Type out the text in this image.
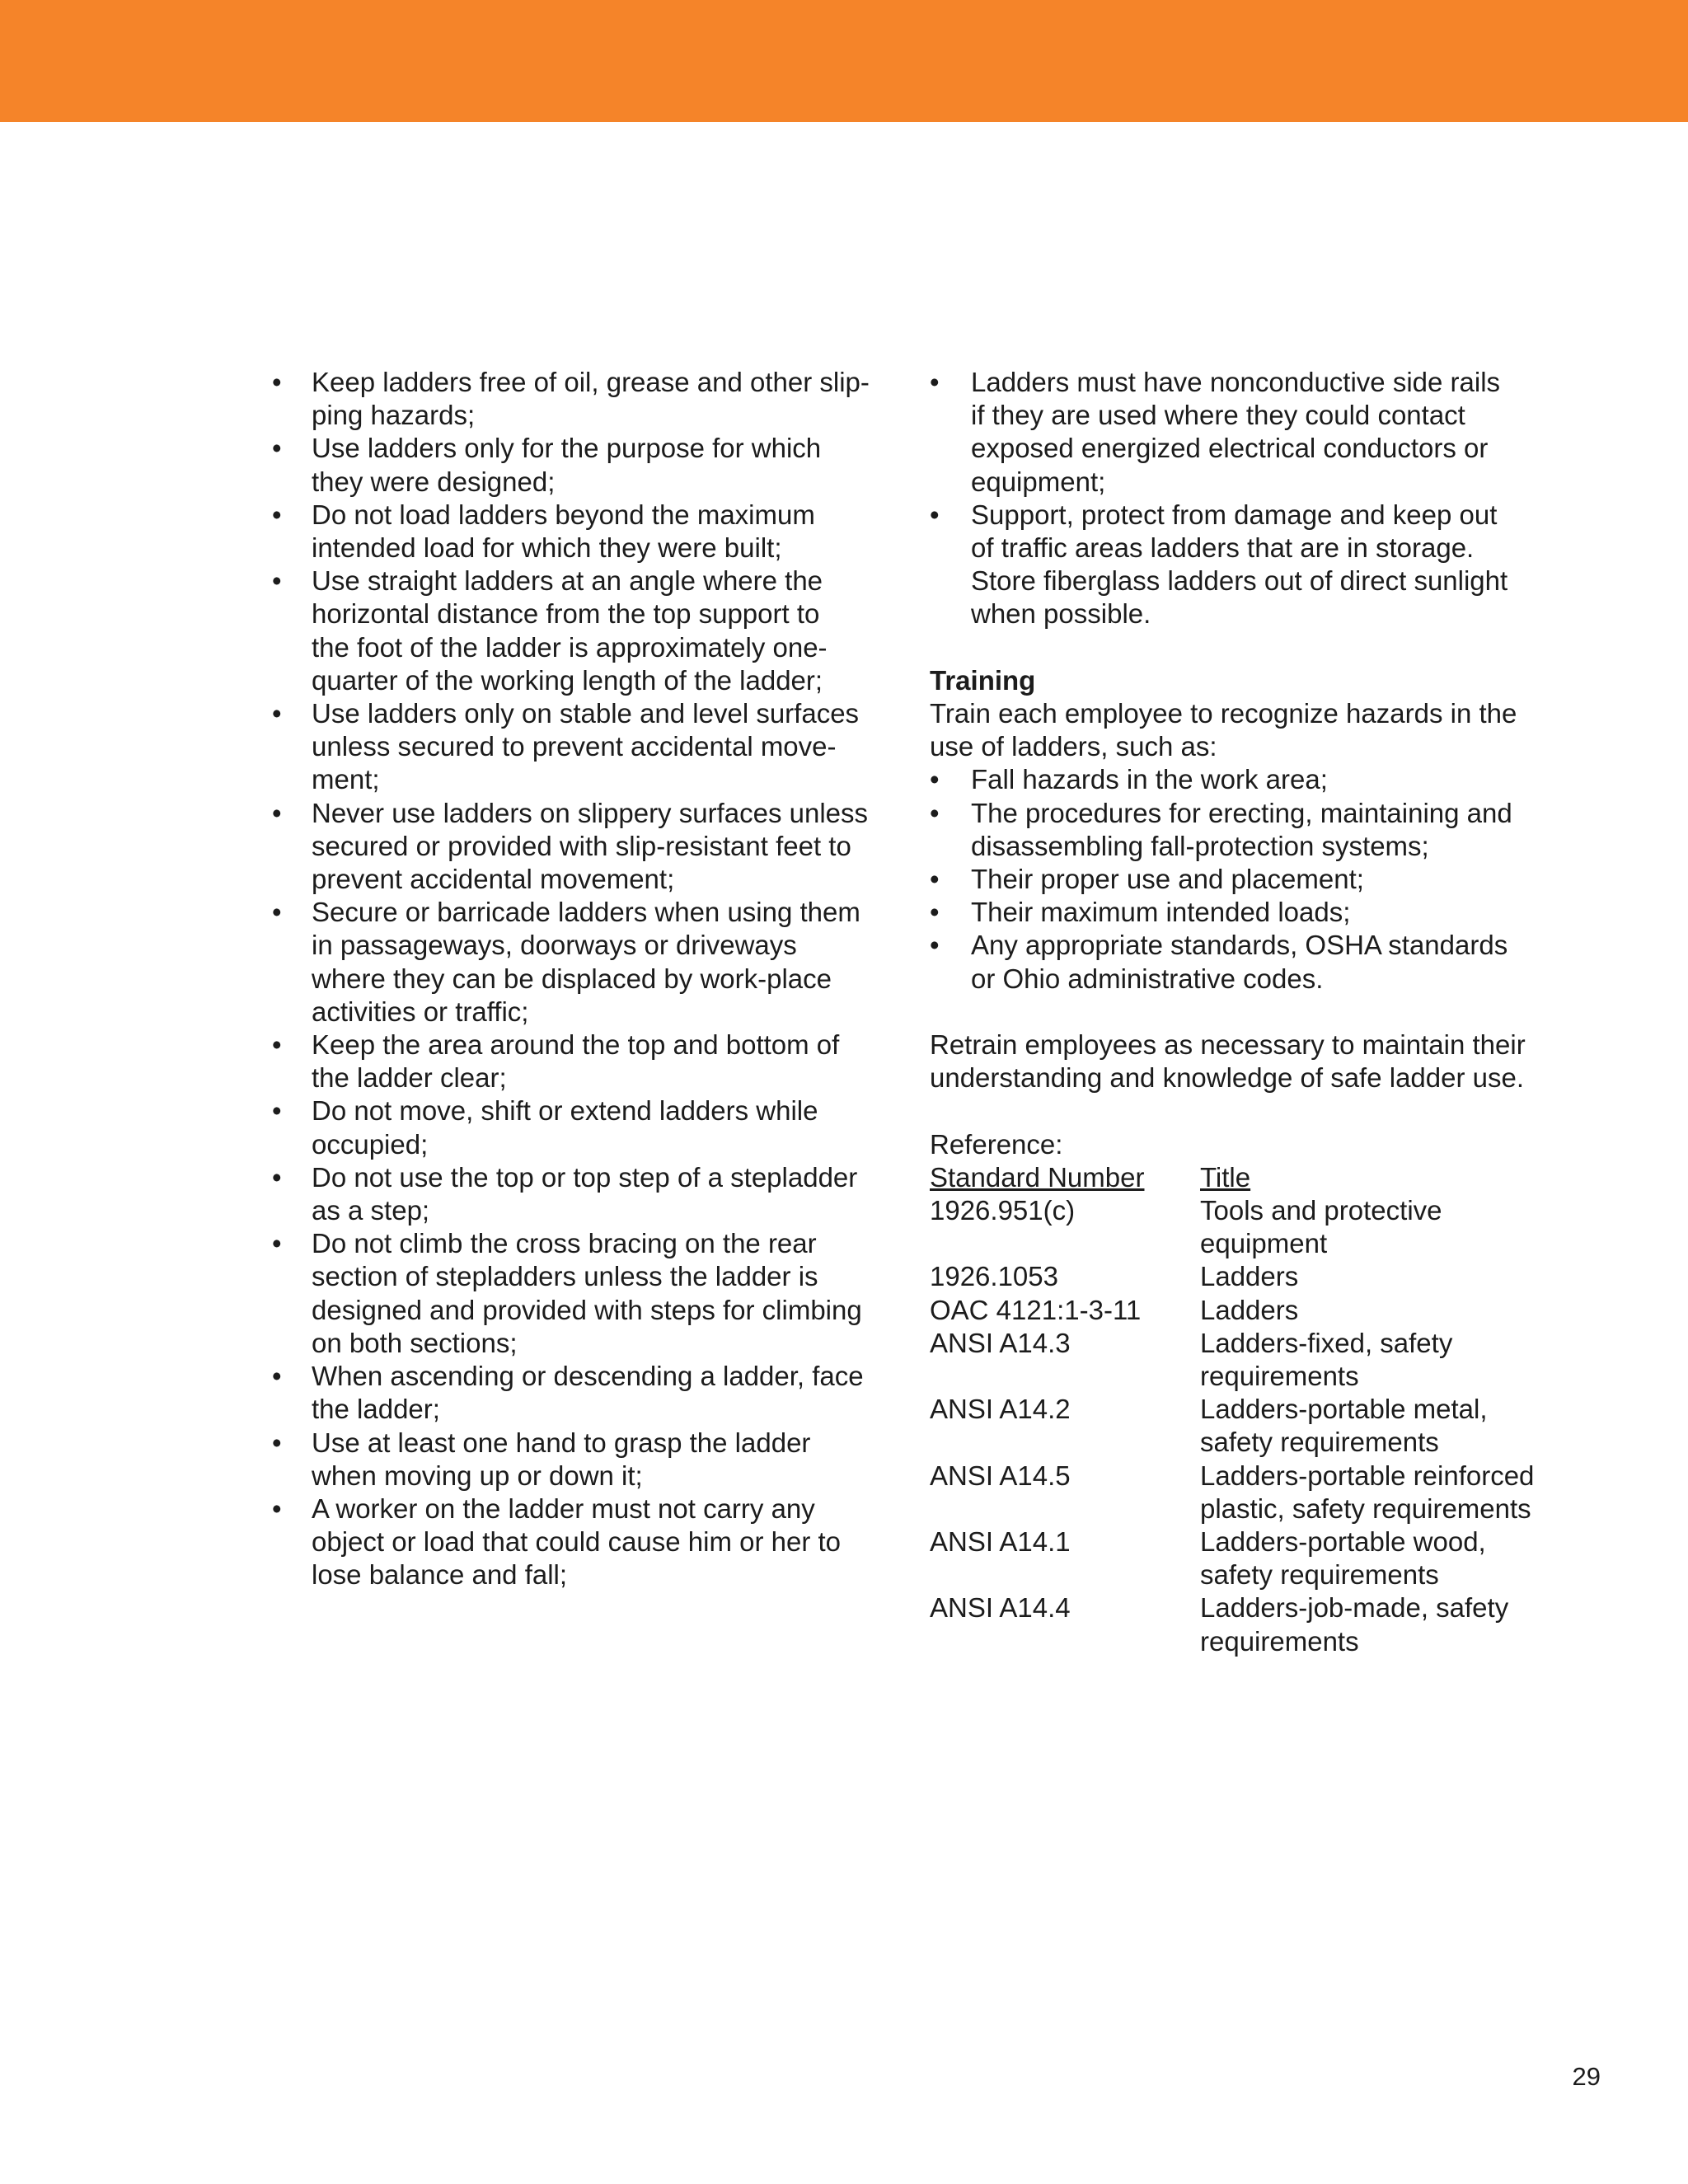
• Keep ladders free of oil, grease and other slip-
ping hazards;
• Use ladders only for the purpose for which
they were designed;
• Do not load ladders beyond the maximum
intended load for which they were built;
• Use straight ladders at an angle where the
horizontal distance from the top support to
the foot of the ladder is approximately one-
quarter of the working length of the ladder;
• Use ladders only on stable and level surfaces
unless secured to prevent accidental move-
ment;
• Never use ladders on slippery surfaces unless
secured or provided with slip-resistant feet to
prevent accidental movement;
• Secure or barricade ladders when using them
in passageways, doorways or driveways
where they can be displaced by work-place
activities or traffic;
• Keep the area around the top and bottom of
the ladder clear;
• Do not move, shift or extend ladders while
occupied;
• Do not use the top or top step of a stepladder
as a step;
• Do not climb the cross bracing on the rear
section of stepladders unless the ladder is
designed and provided with steps for climbing
on both sections;
• When ascending or descending a ladder, face
the ladder;
• Use at least one hand to grasp the ladder
when moving up or down it;
• A worker on the ladder must not carry any
object or load that could cause him or her to
lose balance and fall;
• Ladders must have nonconductive side rails
if they are used where they could contact
exposed energized electrical conductors or
equipment;
• Support, protect from damage and keep out
of traffic areas ladders that are in storage.
Store fiberglass ladders out of direct sunlight
when possible.

Training

Train each employee to recognize hazards in the
use of ladders, such as:

• Fall hazards in the work area;
• The procedures for erecting, maintaining and
disassembling fall-protection systems;
• Their proper use and placement;
• Their maximum intended loads;
• Any appropriate standards, OSHA standards
or Ohio administrative codes.

Retrain employees as necessary to maintain their
understanding and knowledge of safe ladder use.

Reference:

Standard Number	Title
1926.951(c)	Tools and protective
equipment
1926.1053	Ladders
OAC 4121:1-3-11	Ladders
ANSI A14.3	Ladders-fixed, safety
requirements
ANSI A14.2	Ladders-portable metal,
safety requirements
ANSI A14.5	Ladders-portable reinforced
plastic, safety requirements
ANSI A14.1	Ladders-portable wood,
safety requirements
ANSI A14.4	Ladders-job-made, safety
requirements
29
